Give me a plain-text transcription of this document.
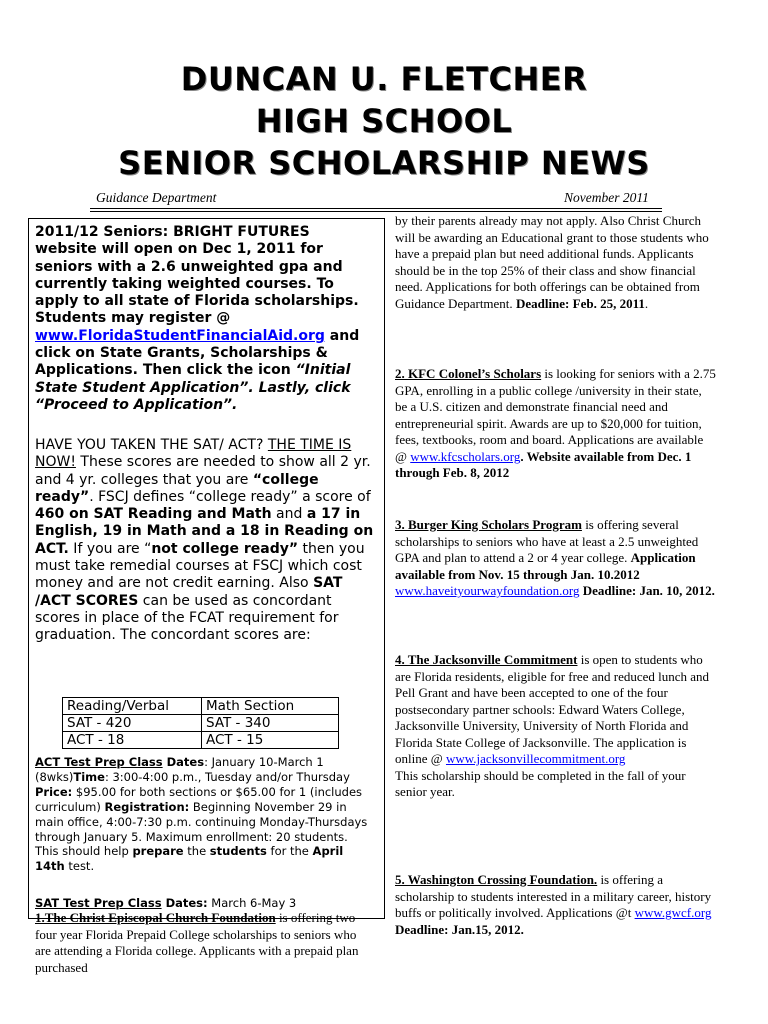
DUNCAN U. FLETCHER
HIGH SCHOOL
SENIOR SCHOLARSHIP NEWS
Guidance Department	November 2011

2011/12 Seniors: BRIGHT FUTURES website will open on Dec 1, 2011 for seniors with a 2.6 unweighted gpa and currently taking weighted courses. To apply to all state of Florida scholarships. Students may register @ www.FloridaStudentFinancialAid.org and click on State Grants, Scholarships & Applications. Then click the icon “Initial State Student Application”. Lastly, click “Proceed to Application”.

HAVE YOU TAKEN THE SAT/ ACT? THE TIME IS NOW! These scores are needed to show all 2 yr. and 4 yr. colleges that you are “college ready”. FSCJ defines “college ready” a score of 460 on SAT Reading and Math and a 17 in English, 19 in Math and a 18 in Reading on ACT. If you are “not college ready” then you must take remedial courses at FSCJ which cost money and are not credit earning. Also SAT /ACT SCORES can be used as concordant scores in place of the FCAT requirement for graduation. The concordant scores are:

Reading/Verbal	Math Section
SAT - 420	SAT - 340
ACT - 18	ACT - 15

ACT Test Prep Class Dates: January 10-March 1 (8wks)Time: 3:00-4:00 p.m., Tuesday and/or Thursday Price: $95.00 for both sections or $65.00 for 1 (includes curriculum) Registration: Beginning November 29 in main office, 4:00-7:30 p.m. continuing Monday-Thursdays through January 5. Maximum enrollment: 20 students. This should help prepare the students for the April 14th test.

SAT Test Prep Class Dates: March 6-May 3

1.The Christ Episcopal Church Foundation is offering two four year Florida Prepaid College scholarships to seniors who are attending a Florida college. Applicants with a prepaid plan purchased

by their parents already may not apply. Also Christ Church will be awarding an Educational grant to those students who have a prepaid plan but need additional funds. Applicants should be in the top 25% of their class and show financial need. Applications for both offerings can be obtained from Guidance Department. Deadline: Feb. 25, 2011.

2. KFC Colonel’s Scholars is looking for seniors with a 2.75 GPA, enrolling in a public college /university in their state, be a U.S. citizen and demonstrate financial need and entrepreneurial spirit. Awards are up to $20,000 for tuition, fees, textbooks, room and board. Applications are available @ www.kfcscholars.org. Website available from Dec. 1 through Feb. 8, 2012

3. Burger King Scholars Program is offering several scholarships to seniors who have at least a 2.5 unweighted GPA and plan to attend a 2 or 4 year college. Application available from Nov. 15 through Jan. 10.2012
www.haveityourwayfoundation.org Deadline: Jan. 10, 2012.

4. The Jacksonville Commitment is open to students who are Florida residents, eligible for free and reduced lunch and Pell Grant and have been accepted to one of the four postsecondary partner schools: Edward Waters College, Jacksonville University, University of North Florida and Florida State College of Jacksonville. The application is online @ www.jacksonvillecommitment.org
This scholarship should be completed in the fall of your senior year.

5. Washington Crossing Foundation. is offering a scholarship to students interested in a military career, history buffs or politically involved. Applications @t www.gwcf.org Deadline: Jan.15, 2012.
